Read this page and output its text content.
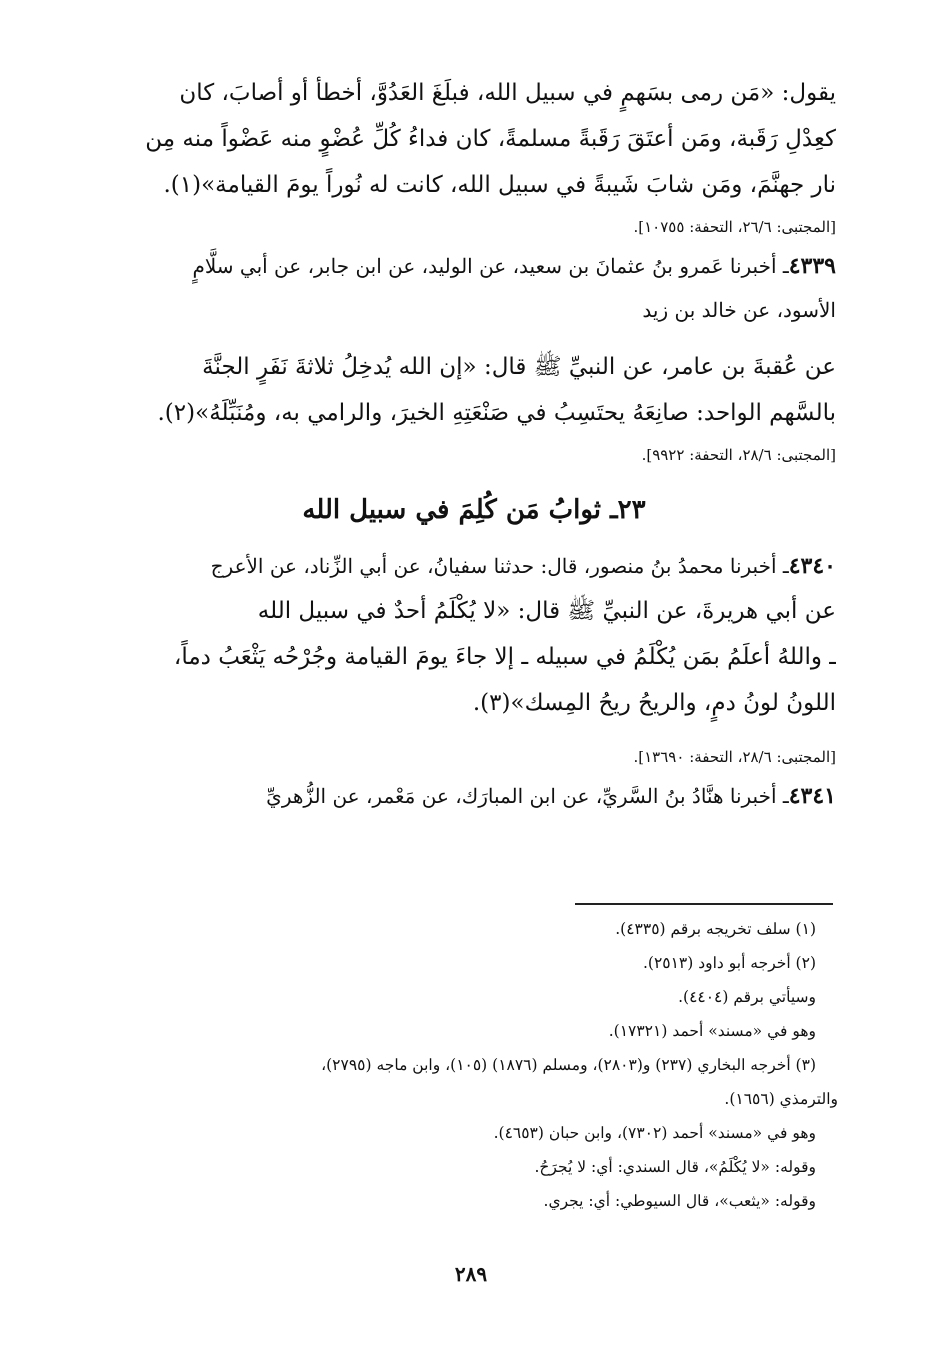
يقول: «مَن رمى بسَهمٍ في سبيل الله، فبلَغَ العَدُوَّ، أخطأ أو أصابَ، كان
كعِدْلِ رَقَبة، ومَن أعتَقَ رَقَبةً مسلمةً، كان فداءُ كُلِّ عُضْوٍ منه عَضْواً منه مِن
نار جهنَّمَ، ومَن شابَ شَيبةً في سبيل الله، كانت له نُوراً يومَ القيامة»(١).
[المجتبى: ٢٦/٦، التحفة: ١٠٧٥٥].
٤٣٣٩ـ أخبرنا عَمرو بنُ عثمانَ بن سعيد، عن الوليد، عن ابن جابر، عن أبي سلَّامٍ
الأسود، عن خالد بن زيد
عن عُقبةَ بن عامر، عن النبيِّ ﷺ قال: «إن الله يُدخِلُ ثلاثةَ نَفَرٍ الجنَّةَ
بالسَّهم الواحد: صانِعَهُ يحتَسِبُ في صَنْعَتِهِ الخيرَ، والرامي به، ومُنَبِّلَهُ»(٢).
[المجتبى: ٢٨/٦، التحفة: ٩٩٢٢].
٢٣ـ ثوابُ مَن كُلِمَ في سبيل الله
٤٣٤٠ـ أخبرنا محمدُ بنُ منصور، قال: حدثنا سفيانُ، عن أبي الزِّناد، عن الأعرج
عن أبي هريرةَ، عن النبيِّ ﷺ قال: «لا يُكْلَمُ أحدٌ في سبيل الله
ـ واللهُ أعلَمُ بمَن يُكْلَمُ في سبيله ـ إلا جاءَ يومَ القيامة وجُرْحُه يَثْعَبُ دماً،
اللونُ لونُ دمٍ، والريحُ ريحُ المِسك»(٣).
[المجتبى: ٢٨/٦، التحفة: ١٣٦٩٠].
٤٣٤١ـ أخبرنا هنَّادُ بنُ السَّريِّ، عن ابن المبارَك، عن مَعْمر، عن الزُّهريِّ
(١) سلف تخريجه برقم (٤٣٣٥).
(٢) أخرجه أبو داود (٢٥١٣).
وسيأتي برقم (٤٤٠٤).
وهو في «مسند» أحمد (١٧٣٢١).
(٣) أخرجه البخاري (٢٣٧) و(٢٨٠٣)، ومسلم (١٨٧٦) (١٠٥)، وابن ماجه (٢٧٩٥)،
والترمذي (١٦٥٦).
وهو في «مسند» أحمد (٧٣٠٢)، وابن حبان (٤٦٥٣).
وقوله: «لا يُكْلَمُ»، قال السندي: أي: لا يُجرَحُ.
وقوله: «يثعب»، قال السيوطي: أي: يجري.
٢٨٩
